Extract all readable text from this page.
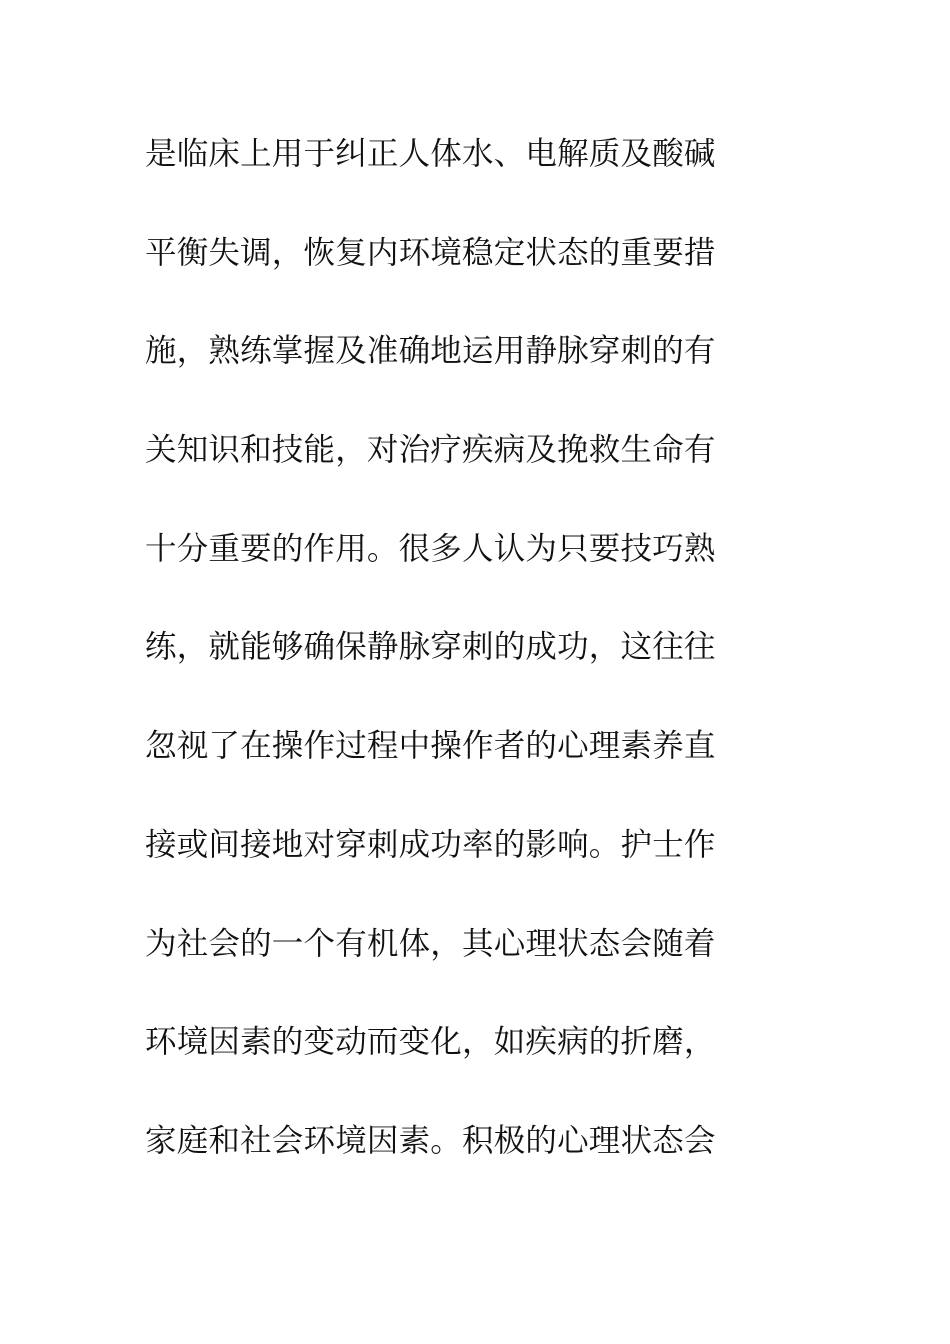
是临床上用于纠正人体水、电解质及酸碱
平衡失调，恢复内环境稳定状态的重要措
施，熟练掌握及准确地运用静脉穿刺的有
关知识和技能，对治疗疾病及挽救生命有
十分重要的作用。很多人认为只要技巧熟
练，就能够确保静脉穿刺的成功，这往往
忽视了在操作过程中操作者的心理素养直
接或间接地对穿刺成功率的影响。护士作
为社会的一个有机体，其心理状态会随着
环境因素的变动而变化，如疾病的折磨，
家庭和社会环境因素。积极的心理状态会
